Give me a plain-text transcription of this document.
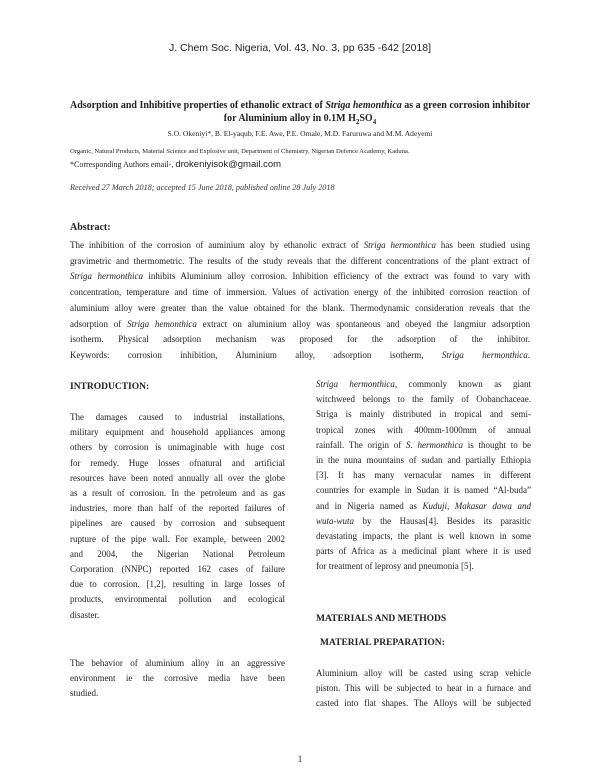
J. Chem Soc. Nigeria, Vol. 43, No. 3, pp 635 -642 [2018]
Adsorption and Inhibitive properties of ethanolic extract of Striga hemonthica as a green corrosion inhibitor
for Aluminium alloy in 0.1M $H_2SO_4$
S.O. Okeniyi*, B. El-yaqub, F.E. Awe, P.E. Omale, M.D. Faruruwa and M.M. Adeyemi
Organic, Natural Products, Material Science and Explosive unit, Department of Chemistry, Nigerian Defence Academy, Kaduna.
*Corresponding Authors email-, drokeniyisok@gmail.com
Received 27 March 2018; accepted 15 June 2018, published online 28 July 2018
Abstract:
The inhibition of the corrosion of auminium aloy by ethanolic extract of Striga hermonthica has been studied using
gravimetric and thermometric. The results of the study reveals that the different concentrations of the plant extract of
Striga hermonthica inhibits Aluminium alloy corrosion. Inhibition efficiency of the extract was found to vary with
concentration, temperature and time of immersion. Values of activation energy of the inhibited corrosion reaction of
aluminium alloy were greater than the value obtained for the blank. Thermodynamic consideration reveals that the
adsorption of Striga hemonthica extract on aluminium alloy was spontaneous and obeyed the langmiur adsorption
isotherm. Physical adsorption mechanism was proposed for the adsorption of the inhibitor.
Keywords: corrosion inhibition, Aluminium alloy, adsorption isotherm, Striga hermonthica.
INTRODUCTION:
The damages caused to industrial installations,
military equipment and household appliances among
others by corrosion is unimaginable with huge cost
for remedy. Huge losses ofnatural and artificial
resources have been noted annually all over the globe
as a result of corrosion. In the petroleum and as gas
industries, more than half of the reported failures of
pipelines are caused by corrosion and subsequent
rupture of the pipe wall. For example, between 2002
and 2004, the Nigerian National Petroleum
Corporation (NNPC) reported 162 cases of failure
due to corrosion. [1,2], resulting in large losses of
products, environmental pollution and ecological
disaster.
The behavior of aluminium alloy in an aggressive
environment ie the corrosive media have been
studied.
Striga hermonthica, commonly known as giant
witchweed belongs to the family of Oobanchaceae.
Striga is mainly distributed in tropical and semi-
tropical zones with 400mm-1000mm of annual
rainfall. The origin of S. hermonthica is thought to be
in the nuna mountains of sudan and partially Ethiopia
[3]. It has many vernacular names in different
countries for example in Sudan it is named “Al-buda”
and in Nigeria named as Kuduji, Makasar dawa and
wuta-wuta by the Hausas[4]. Besides its parasitic
devastating impacts, the plant is well known in some
parts of Africa as a medicinal plant where it is used
for treatment of leprosy and pneumonia [5].
MATERIALS AND METHODS
MATERIAL PREPARATION:
Aluminium alloy will be casted using scrap vehicle
piston. This will be subjected to heat in a furnace and
casted into flat shapes. The Alloys will be subjected
1
